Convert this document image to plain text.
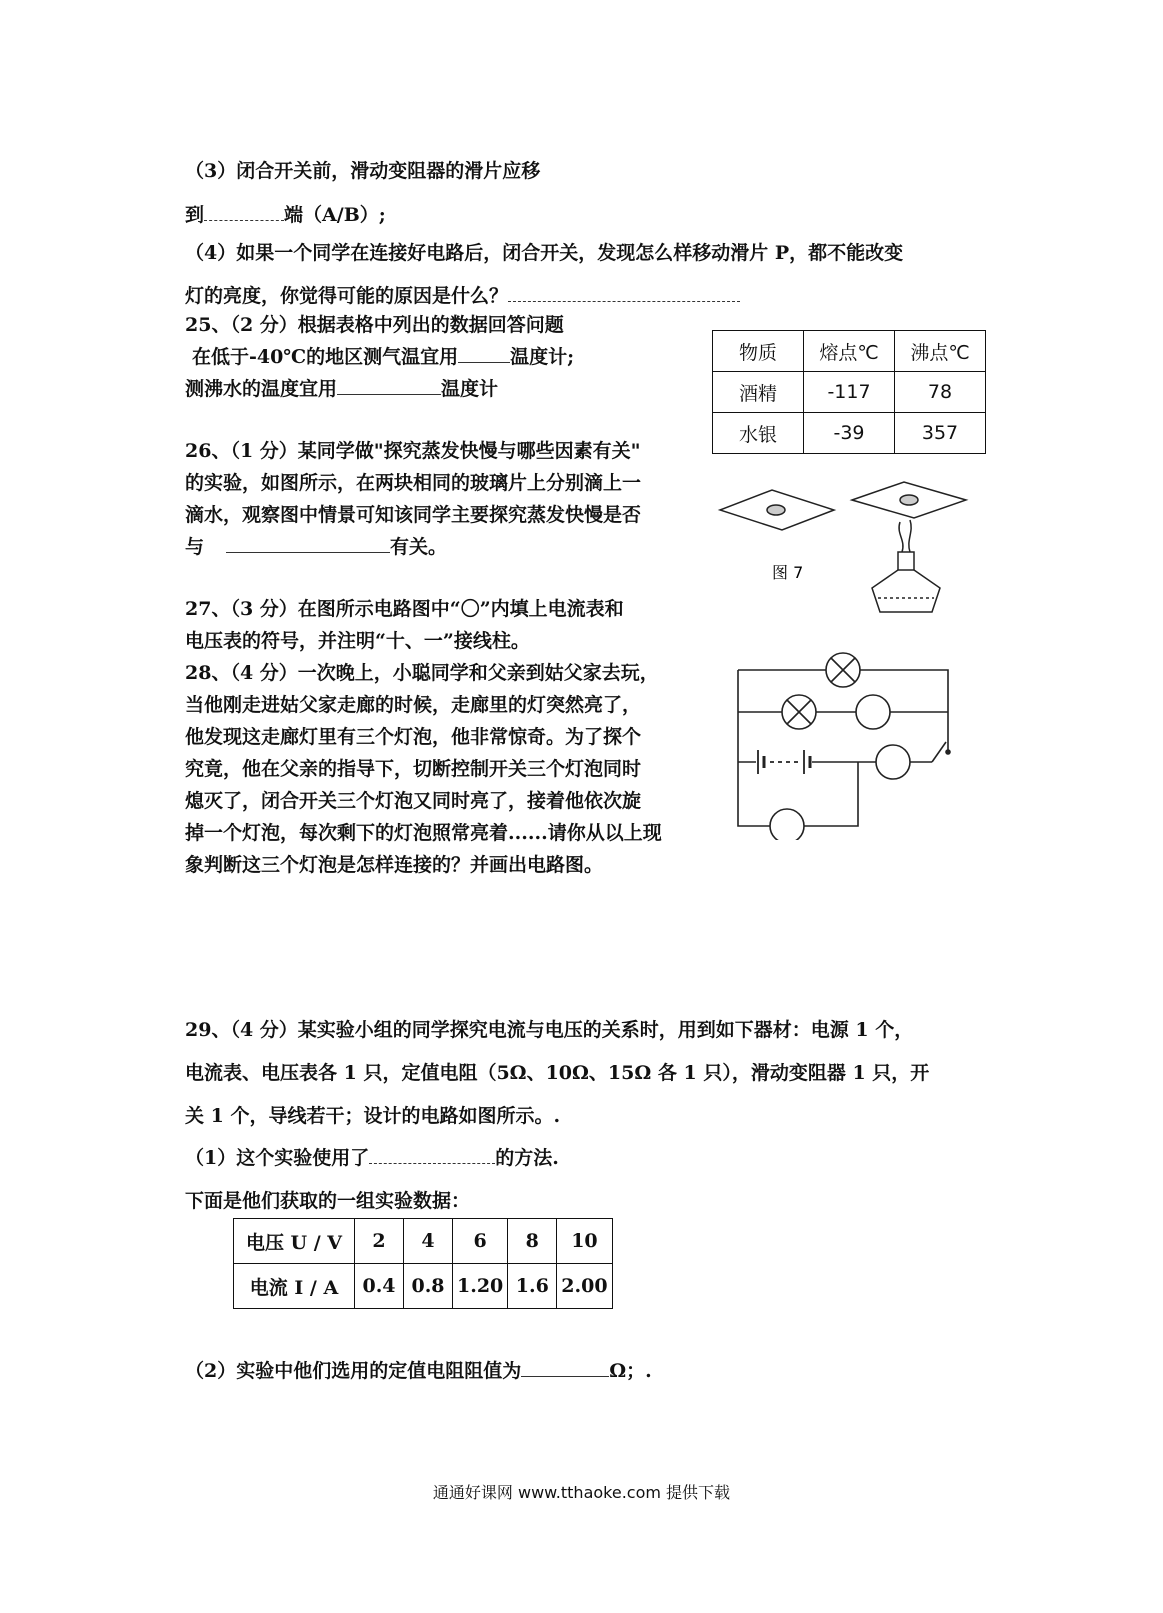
（3）闭合开关前，滑动变阻器的滑片应移
到	端（A/B）;
（4）如果一个同学在连接好电路后，闭合开关，发现怎么样移动滑片 P，都不能改变
灯的亮度，你觉得可能的原因是什么？
25、（2 分）根据表格中列出的数据回答问题
在低于-40℃的地区测气温宜用	温度计;
测沸水的温度宜用	温度计
物质	熔点℃	沸点℃
酒精	-117	78
水银	-39	357
26、（1 分）某同学做"探究蒸发快慢与哪些因素有关"
的实验，如图所示，在两块相同的玻璃片上分别滴上一
滴水，观察图中情景可知该同学主要探究蒸发快慢是否
与	有关。
图 7
27、（3 分）在图所示电路图中“〇”内填上电流表和
电压表的符号，并注明“十、一”接线柱。
28、（4 分）一次晚上，小聪同学和父亲到姑父家去玩，
当他刚走进姑父家走廊的时候，走廊里的灯突然亮了，
他发现这走廊灯里有三个灯泡，他非常惊奇。为了探个
究竟，他在父亲的指导下，切断控制开关三个灯泡同时
熄灭了，闭合开关三个灯泡又同时亮了，接着他依次旋
掉一个灯泡，每次剩下的灯泡照常亮着......请你从以上现
象判断这三个灯泡是怎样连接的？并画出电路图。
29、（4 分）某实验小组的同学探究电流与电压的关系时，用到如下器材：电源 1 个，
电流表、电压表各 1 只，定值电阻（5Ω、10Ω、15Ω 各 1 只），滑动变阻器 1 只，开
关 1 个，导线若干；设计的电路如图所示。.
（1）这个实验使用了	的方法.
下面是他们获取的一组实验数据：
电压 U / V	2	4	6	8	10
电流 I / A	0.4	0.8	1.20	1.6	2.00
（2）实验中他们选用的定值电阻阻值为	Ω；.
通通好课网 www.tthaoke.com 提供下载
